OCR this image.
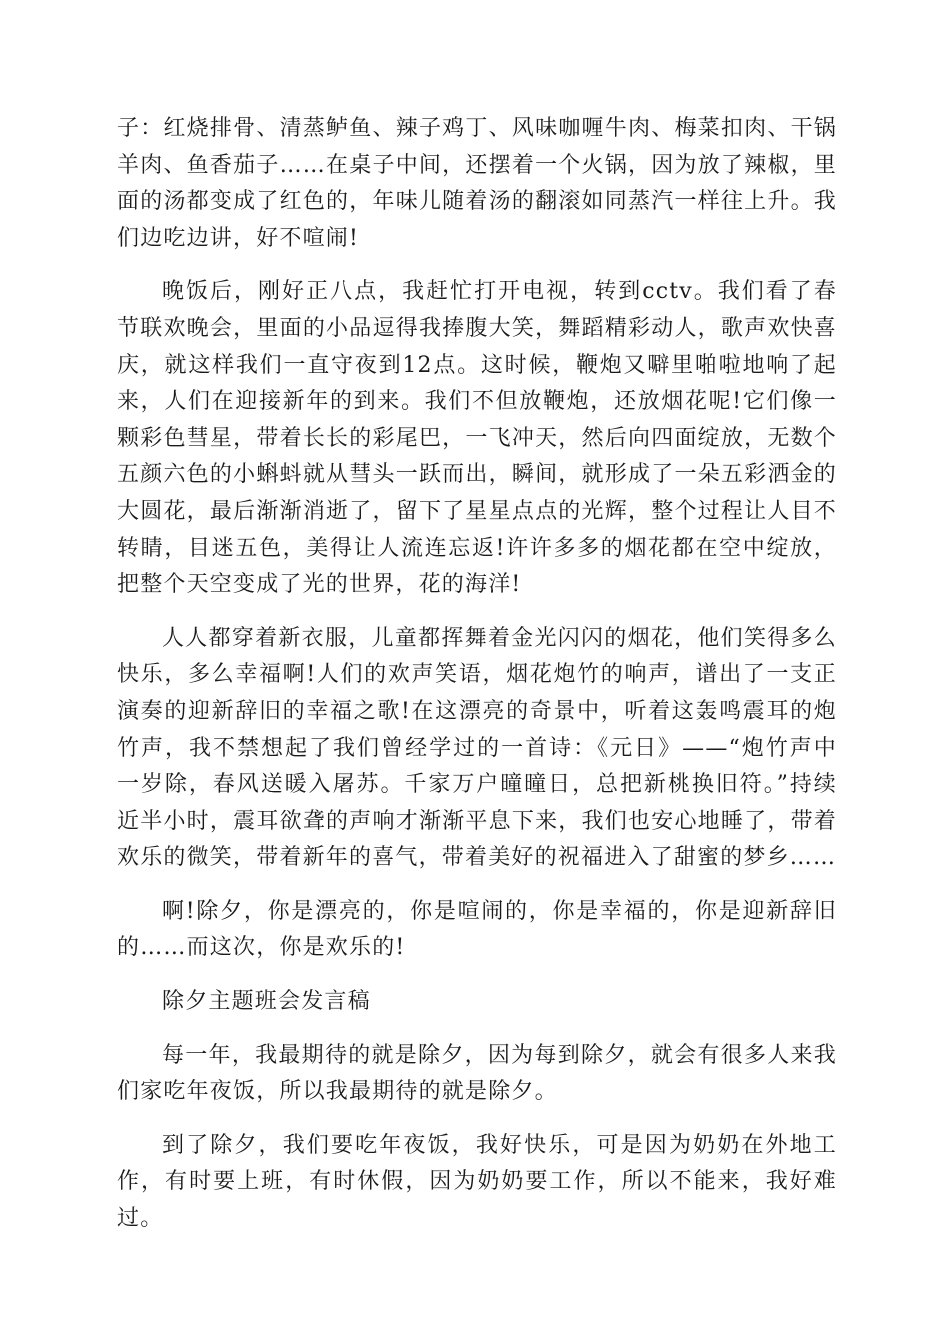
子：红烧排骨、清蒸鲈鱼、辣子鸡丁、风味咖喱牛肉、梅菜扣肉、干锅羊肉、鱼香茄子……在桌子中间，还摆着一个火锅，因为放了辣椒，里面的汤都变成了红色的，年味儿随着汤的翻滚如同蒸汽一样往上升。我们边吃边讲，好不喧闹!

晚饭后，刚好正八点，我赶忙打开电视，转到cctv。我们看了春节联欢晚会，里面的小品逗得我捧腹大笑，舞蹈精彩动人，歌声欢快喜庆，就这样我们一直守夜到12点。这时候，鞭炮又噼里啪啦地响了起来，人们在迎接新年的到来。我们不但放鞭炮，还放烟花呢!它们像一颗彩色彗星，带着长长的彩尾巴，一飞冲天，然后向四面绽放，无数个五颜六色的小蝌蚪就从彗头一跃而出，瞬间，就形成了一朵五彩洒金的大圆花，最后渐渐消逝了，留下了星星点点的光辉，整个过程让人目不转睛，目迷五色，美得让人流连忘返!许许多多的烟花都在空中绽放，把整个天空变成了光的世界，花的海洋!

人人都穿着新衣服，儿童都挥舞着金光闪闪的烟花，他们笑得多么快乐，多么幸福啊!人们的欢声笑语，烟花炮竹的响声，谱出了一支正演奏的迎新辞旧的幸福之歌!在这漂亮的奇景中，听着这轰鸣震耳的炮竹声，我不禁想起了我们曾经学过的一首诗：《元日》——“炮竹声中一岁除，春风送暖入屠苏。千家万户曈曈日，总把新桃换旧符。”持续近半小时，震耳欲聋的声响才渐渐平息下来，我们也安心地睡了，带着欢乐的微笑，带着新年的喜气，带着美好的祝福进入了甜蜜的梦乡……

啊!除夕，你是漂亮的，你是喧闹的，你是幸福的，你是迎新辞旧的……而这次，你是欢乐的!

除夕主题班会发言稿

每一年，我最期待的就是除夕，因为每到除夕，就会有很多人来我们家吃年夜饭，所以我最期待的就是除夕。

到了除夕，我们要吃年夜饭，我好快乐，可是因为奶奶在外地工作，有时要上班，有时休假，因为奶奶要工作，所以不能来，我好难过。
